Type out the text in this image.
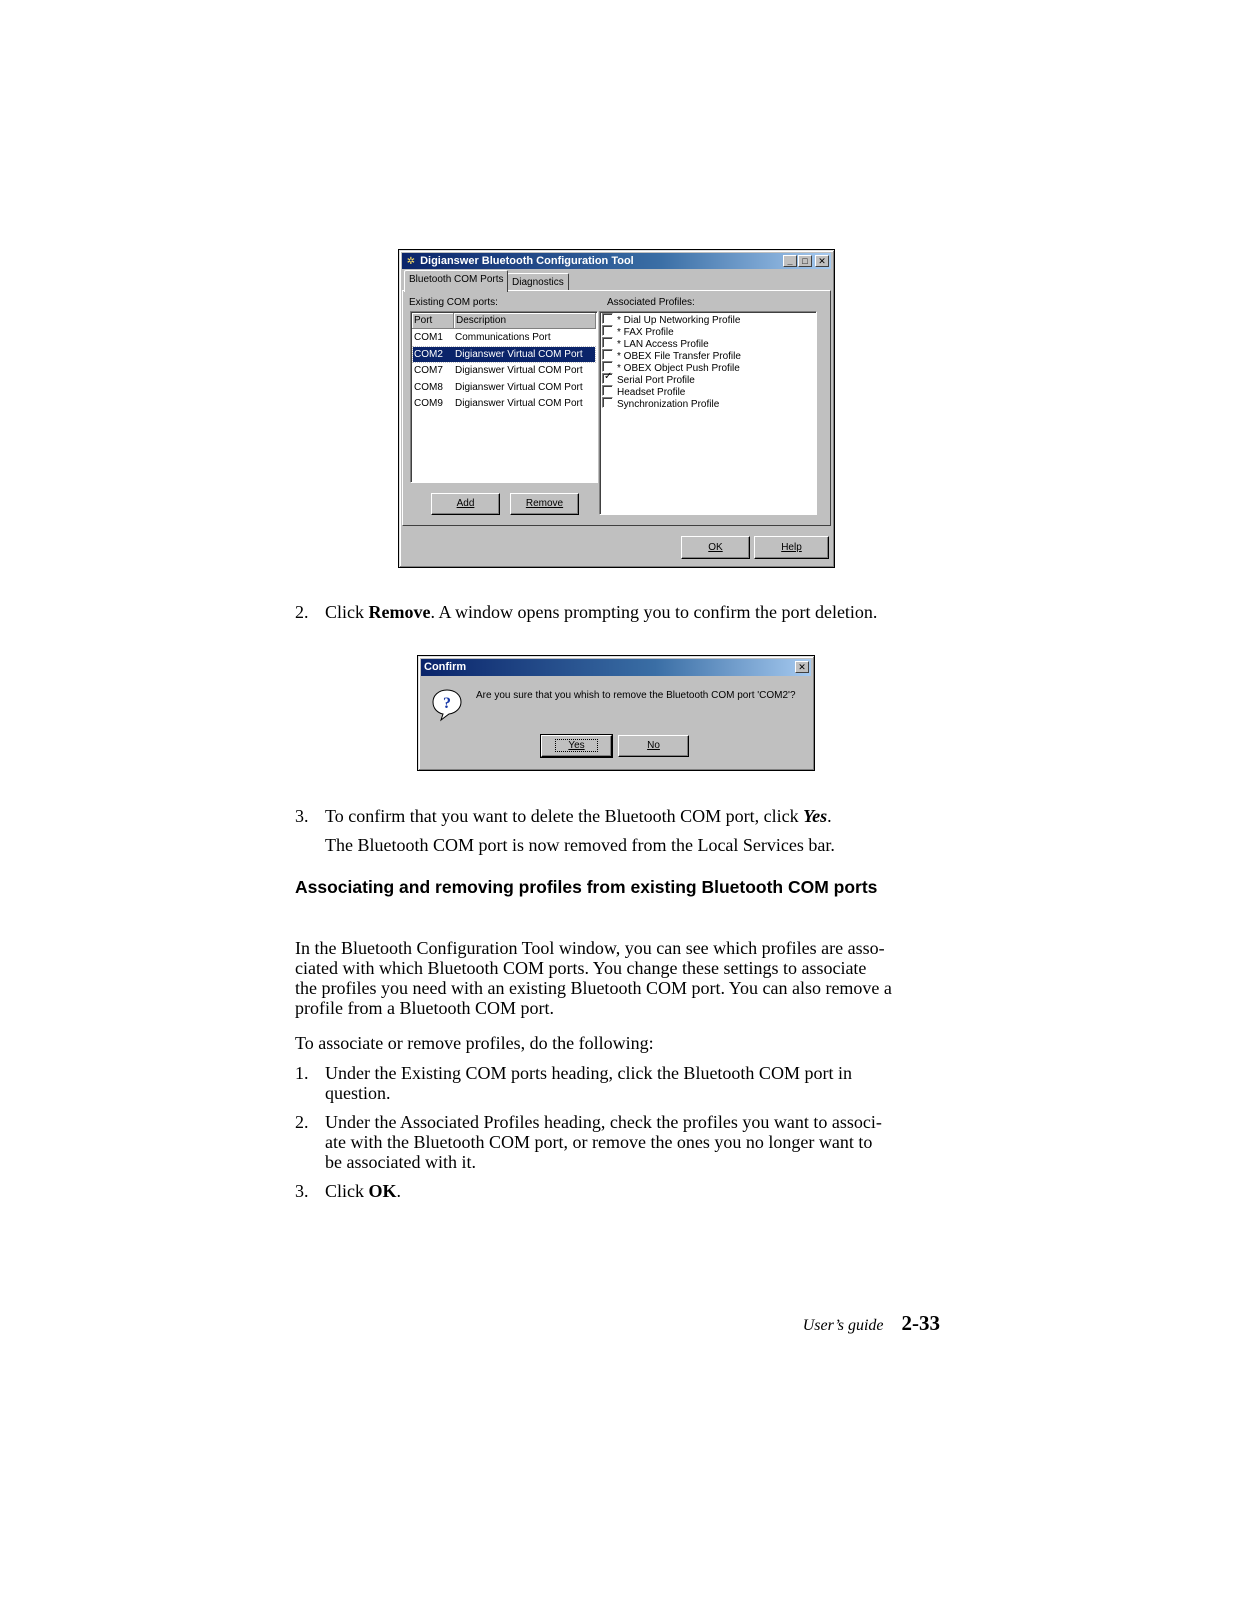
✲ Digianswer Bluetooth Configuration Tool	_	□	✕
Bluetooth COM Ports Diagnostics
Existing COM ports:	Associated Profiles:
Port	Description
COM1 Communications Port
COM2 Digianswer Virtual COM Port
COM7 Digianswer Virtual COM Port
COM8 Digianswer Virtual COM Port
COM9 Digianswer Virtual COM Port
* Dial Up Networking Profile
* FAX Profile
* LAN Access Profile
* OBEX File Transfer Profile
* OBEX Object Push Profile
✓ Serial Port Profile
Headset Profile
Synchronization Profile
Add	Remove
OK	Help
2. Click Remove. A window opens prompting you to confirm the port deletion.
Confirm	✕
?	Are you sure that you whish to remove the Bluetooth COM port 'COM2'?
Yes	No
3. To confirm that you want to delete the Bluetooth COM port, click Yes.
The Bluetooth COM port is now removed from the Local Services bar.
Associating and removing profiles from existing Bluetooth COM ports
In the Bluetooth Configuration Tool window, you can see which profiles are asso-
ciated with which Bluetooth COM ports. You change these settings to associate
the profiles you need with an existing Bluetooth COM port. You can also remove a
profile from a Bluetooth COM port.
To associate or remove profiles, do the following:
1. Under the Existing COM ports heading, click the Bluetooth COM port in
question.
2. Under the Associated Profiles heading, check the profiles you want to associ-
ate with the Bluetooth COM port, or remove the ones you no longer want to
be associated with it.
3. Click OK.
User’s guide 2-33
